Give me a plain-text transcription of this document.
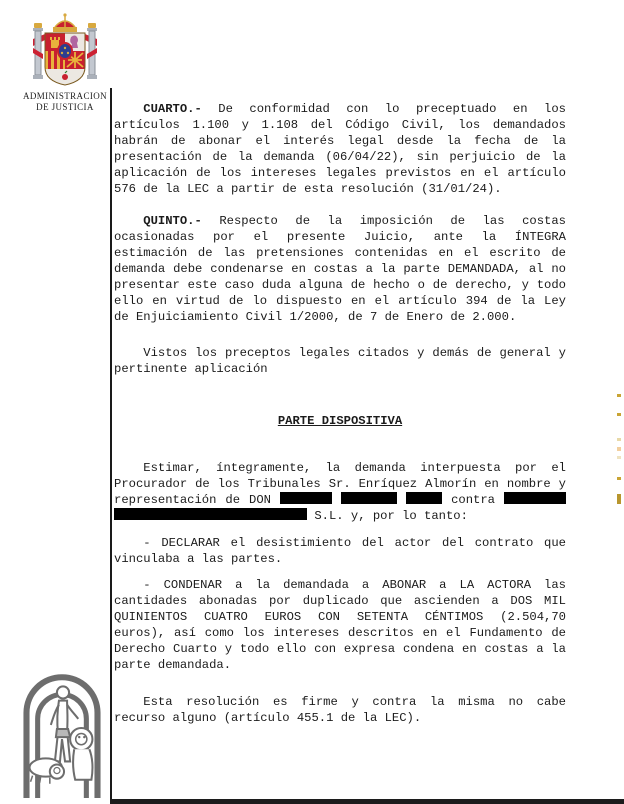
ADMINISTRACION
DE JUSTICIA	CUARTO.- De conformidad con lo preceptuado en los artículos 1.100 y 1.108 del Código Civil, los demandados habrán de abonar el interés legal desde la fecha de la presentación de la demanda (06/04/22), sin perjuicio de la aplicación de los intereses legales previstos en el artículo 576 de la LEC a partir de esta resolución (31/01/24).

QUINTO.- Respecto de la imposición de las costas ocasionadas por el presente Juicio, ante la ÍNTEGRA estimación de las pretensiones contenidas en el escrito de demanda debe condenarse en costas a la parte DEMANDADA, al no presentar este caso duda alguna de hecho o de derecho, y todo ello en virtud de lo dispuesto en el artículo 394 de la Ley de Enjuiciamiento Civil 1/2000, de 7 de Enero de 2.000.

Vistos los preceptos legales citados y demás de general y pertinente aplicación

PARTE DISPOSITIVA

Estimar, íntegramente, la demanda interpuesta por el Procurador de los Tribunales Sr. Enríquez Almorín en nombre y representación de DON	contra   S.L. y, por lo tanto:

- DECLARAR el desistimiento del actor del contrato que vinculaba a las partes.

- CONDENAR a la demandada a ABONAR a LA ACTORA las cantidades abonadas por duplicado que ascienden a DOS MIL QUINIENTOS CUATRO EUROS CON SETENTA CÉNTIMOS (2.504,70 euros), así como los intereses descritos en el Fundamento de Derecho Cuarto y todo ello con expresa condena en costas a la parte demandada.

Esta resolución es firme y contra la misma no cabe recurso alguno (artículo 455.1 de la LEC).
